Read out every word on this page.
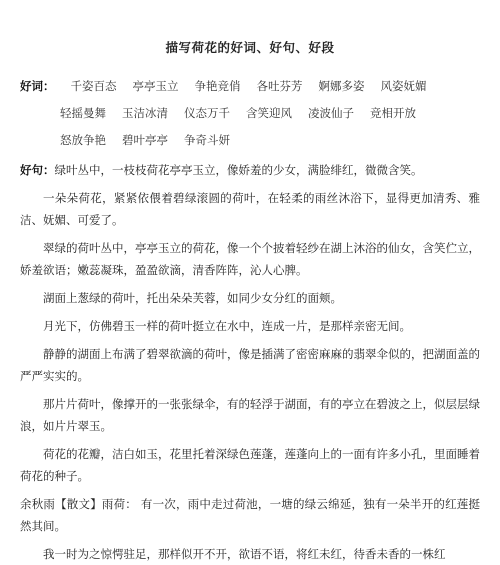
描写荷花的好词、好句、好段
好词： 千姿百态 亭亭玉立 争艳竞俏 各吐芬芳 婀娜多姿 风姿妩媚
轻摇曼舞 玉洁冰清 仪态万千 含笑迎风 凌波仙子 竞相开放
怒放争艳 碧叶亭亭 争奇斗妍

好句：绿叶丛中，一枝枝荷花亭亭玉立，像娇羞的少女，满脸绯红，微微含笑。

一朵朵荷花，紧紧依偎着碧绿滚圆的荷叶，在轻柔的雨丝沐浴下，显得更加清秀、雅洁、妩媚、可爱了。

翠绿的荷叶丛中，亭亭玉立的荷花，像一个个披着轻纱在湖上沐浴的仙女，含笑伫立，娇羞欲语；嫩蕊凝珠，盈盈欲滴，清香阵阵，沁人心脾。

湖面上葱绿的荷叶，托出朵朵芙蓉，如同少女分红的面颊。

月光下，仿佛碧玉一样的荷叶挺立在水中，连成一片，是那样亲密无间。

静静的湖面上布满了碧翠欲滴的荷叶，像是插满了密密麻麻的翡翠伞似的，把湖面盖的严严实实的。

那片片荷叶，像撑开的一张张绿伞，有的轻浮于湖面，有的亭立在碧波之上，似层层绿浪，如片片翠玉。

荷花的花瓣，洁白如玉，花里托着深绿色莲蓬，莲蓬向上的一面有许多小孔，里面睡着荷花的种子。

余秋雨【散文】雨荷： 有一次，雨中走过荷池，一塘的绿云绵延，独有一朵半开的红莲挺然其间。

我一时为之惊愕驻足，那样似开不开，欲语不语，将红未红，待香未香的一株红
